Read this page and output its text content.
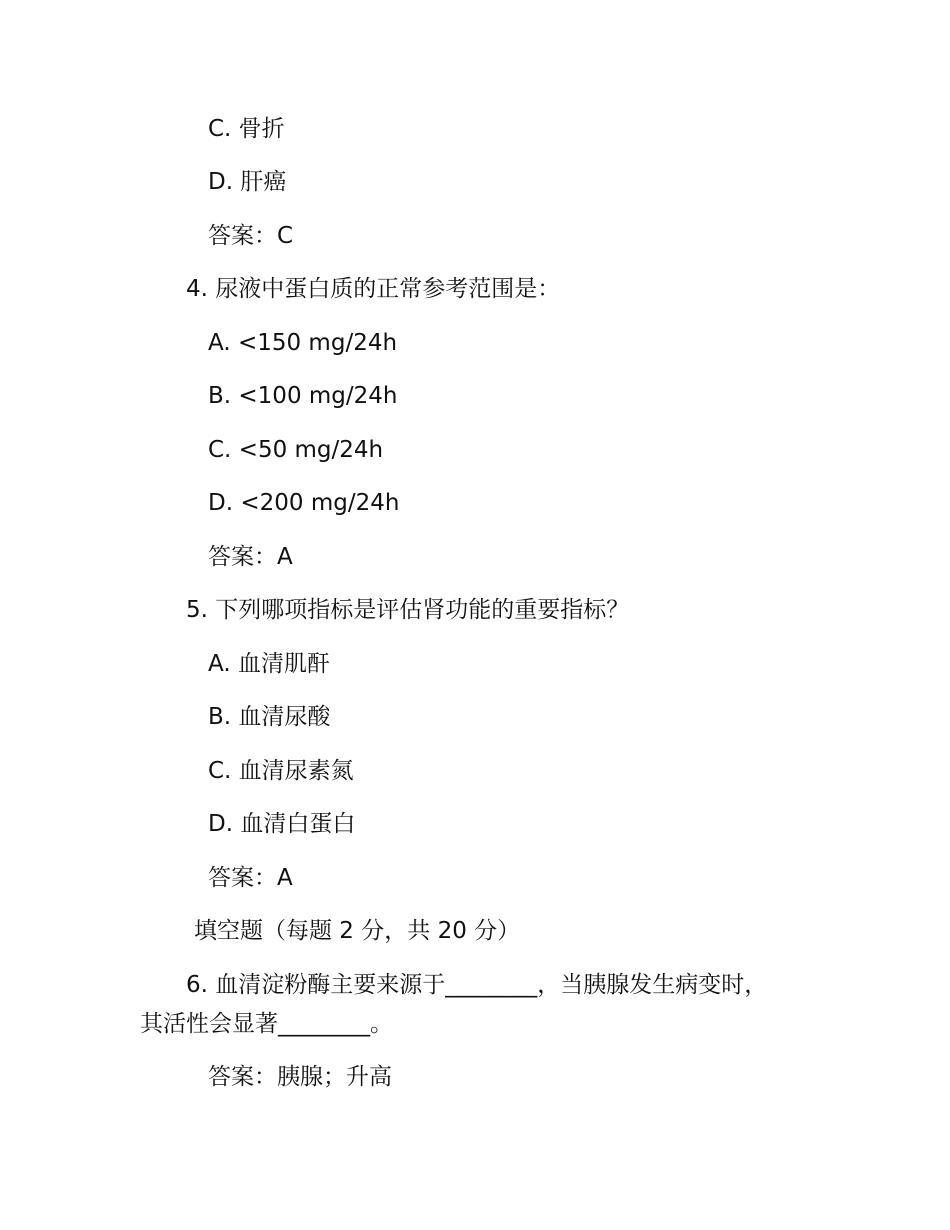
C. 骨折
D. 肝癌
答案：C
4. 尿液中蛋白质的正常参考范围是：
A. <150 mg/24h
B. <100 mg/24h
C. <50 mg/24h
D. <200 mg/24h
答案：A
5. 下列哪项指标是评估肾功能的重要指标？
A. 血清肌酐
B. 血清尿酸
C. 血清尿素氮
D. 血清白蛋白
答案：A
填空题（每题 2 分，共 20 分）
6. 血清淀粉酶主要来源于________，当胰腺发生病变时，
其活性会显著________。
答案：胰腺；升高
